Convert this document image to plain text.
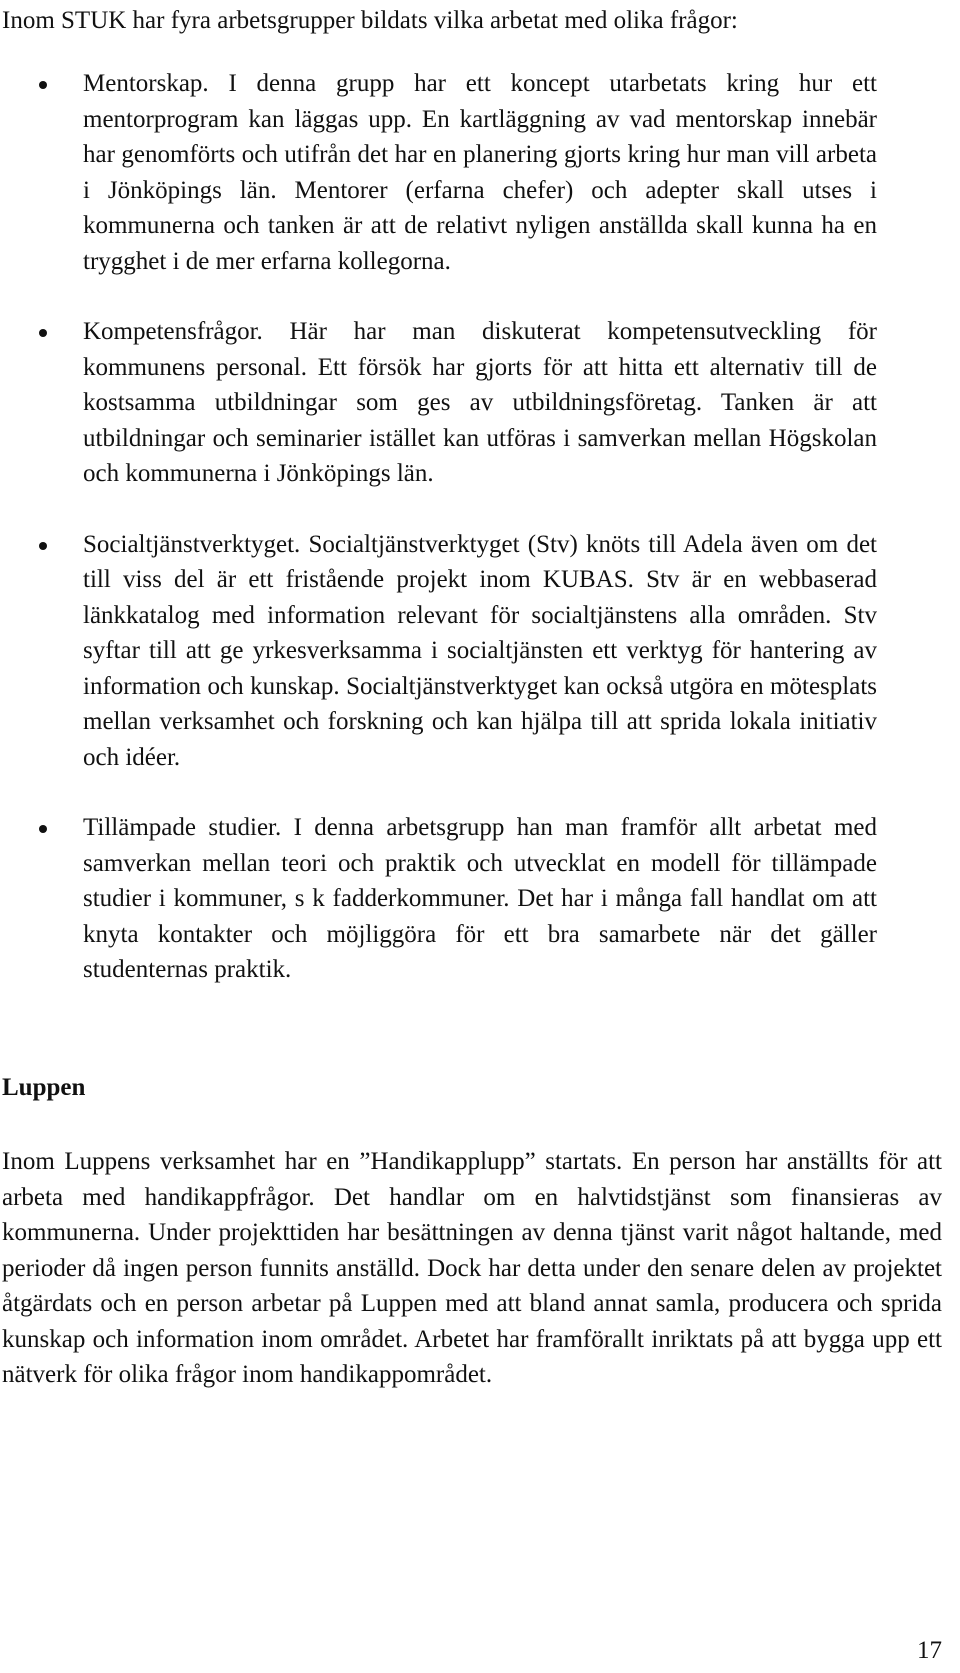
Inom STUK har fyra arbetsgrupper bildats vilka arbetat med olika frågor:

Mentorskap. I denna grupp har ett koncept utarbetats kring hur ett mentorprogram kan läggas upp. En kartläggning av vad mentorskap innebär har genomförts och utifrån det har en planering gjorts kring hur man vill arbeta i Jönköpings län. Mentorer (erfarna chefer) och adepter skall utses i kommunerna och tanken är att de relativt nyligen anställda skall kunna ha en trygghet i de mer erfarna kollegorna.
Kompetensfrågor. Här har man diskuterat kompetensutveckling för kommunens personal. Ett försök har gjorts för att hitta ett alternativ till de kostsamma utbildningar som ges av utbildningsföretag. Tanken är att utbildningar och seminarier istället kan utföras i samverkan mellan Högskolan och kommunerna i Jönköpings län.
Socialtjänstverktyget. Socialtjänstverktyget (Stv) knöts till Adela även om det till viss del är ett fristående projekt inom KUBAS. Stv är en webbaserad länkkatalog med information relevant för socialtjänstens alla områden. Stv syftar till att ge yrkesverksamma i socialtjänsten ett verktyg för hantering av information och kunskap. Socialtjänstverktyget kan också utgöra en mötesplats mellan verksamhet och forskning och kan hjälpa till att sprida lokala initiativ och idéer.
Tillämpade studier. I denna arbetsgrupp han man framför allt arbetat med samverkan mellan teori och praktik och utvecklat en modell för tillämpade studier i kommuner, s k fadderkommuner. Det har i många fall handlat om att knyta kontakter och möjliggöra för ett bra samarbete när det gäller studenternas praktik.
Luppen

Inom Luppens verksamhet har en ”Handikapplupp” startats. En person har anställts för att arbeta med handikappfrågor. Det handlar om en halvtidstjänst som finansieras av kommunerna. Under projekttiden har besättningen av denna tjänst varit något haltande, med perioder då ingen person funnits anställd. Dock har detta under den senare delen av projektet åtgärdats och en person arbetar på Luppen med att bland annat samla, producera och sprida kunskap och information inom området. Arbetet har framförallt inriktats på att bygga upp ett nätverk för olika frågor inom handikappområdet.

17
